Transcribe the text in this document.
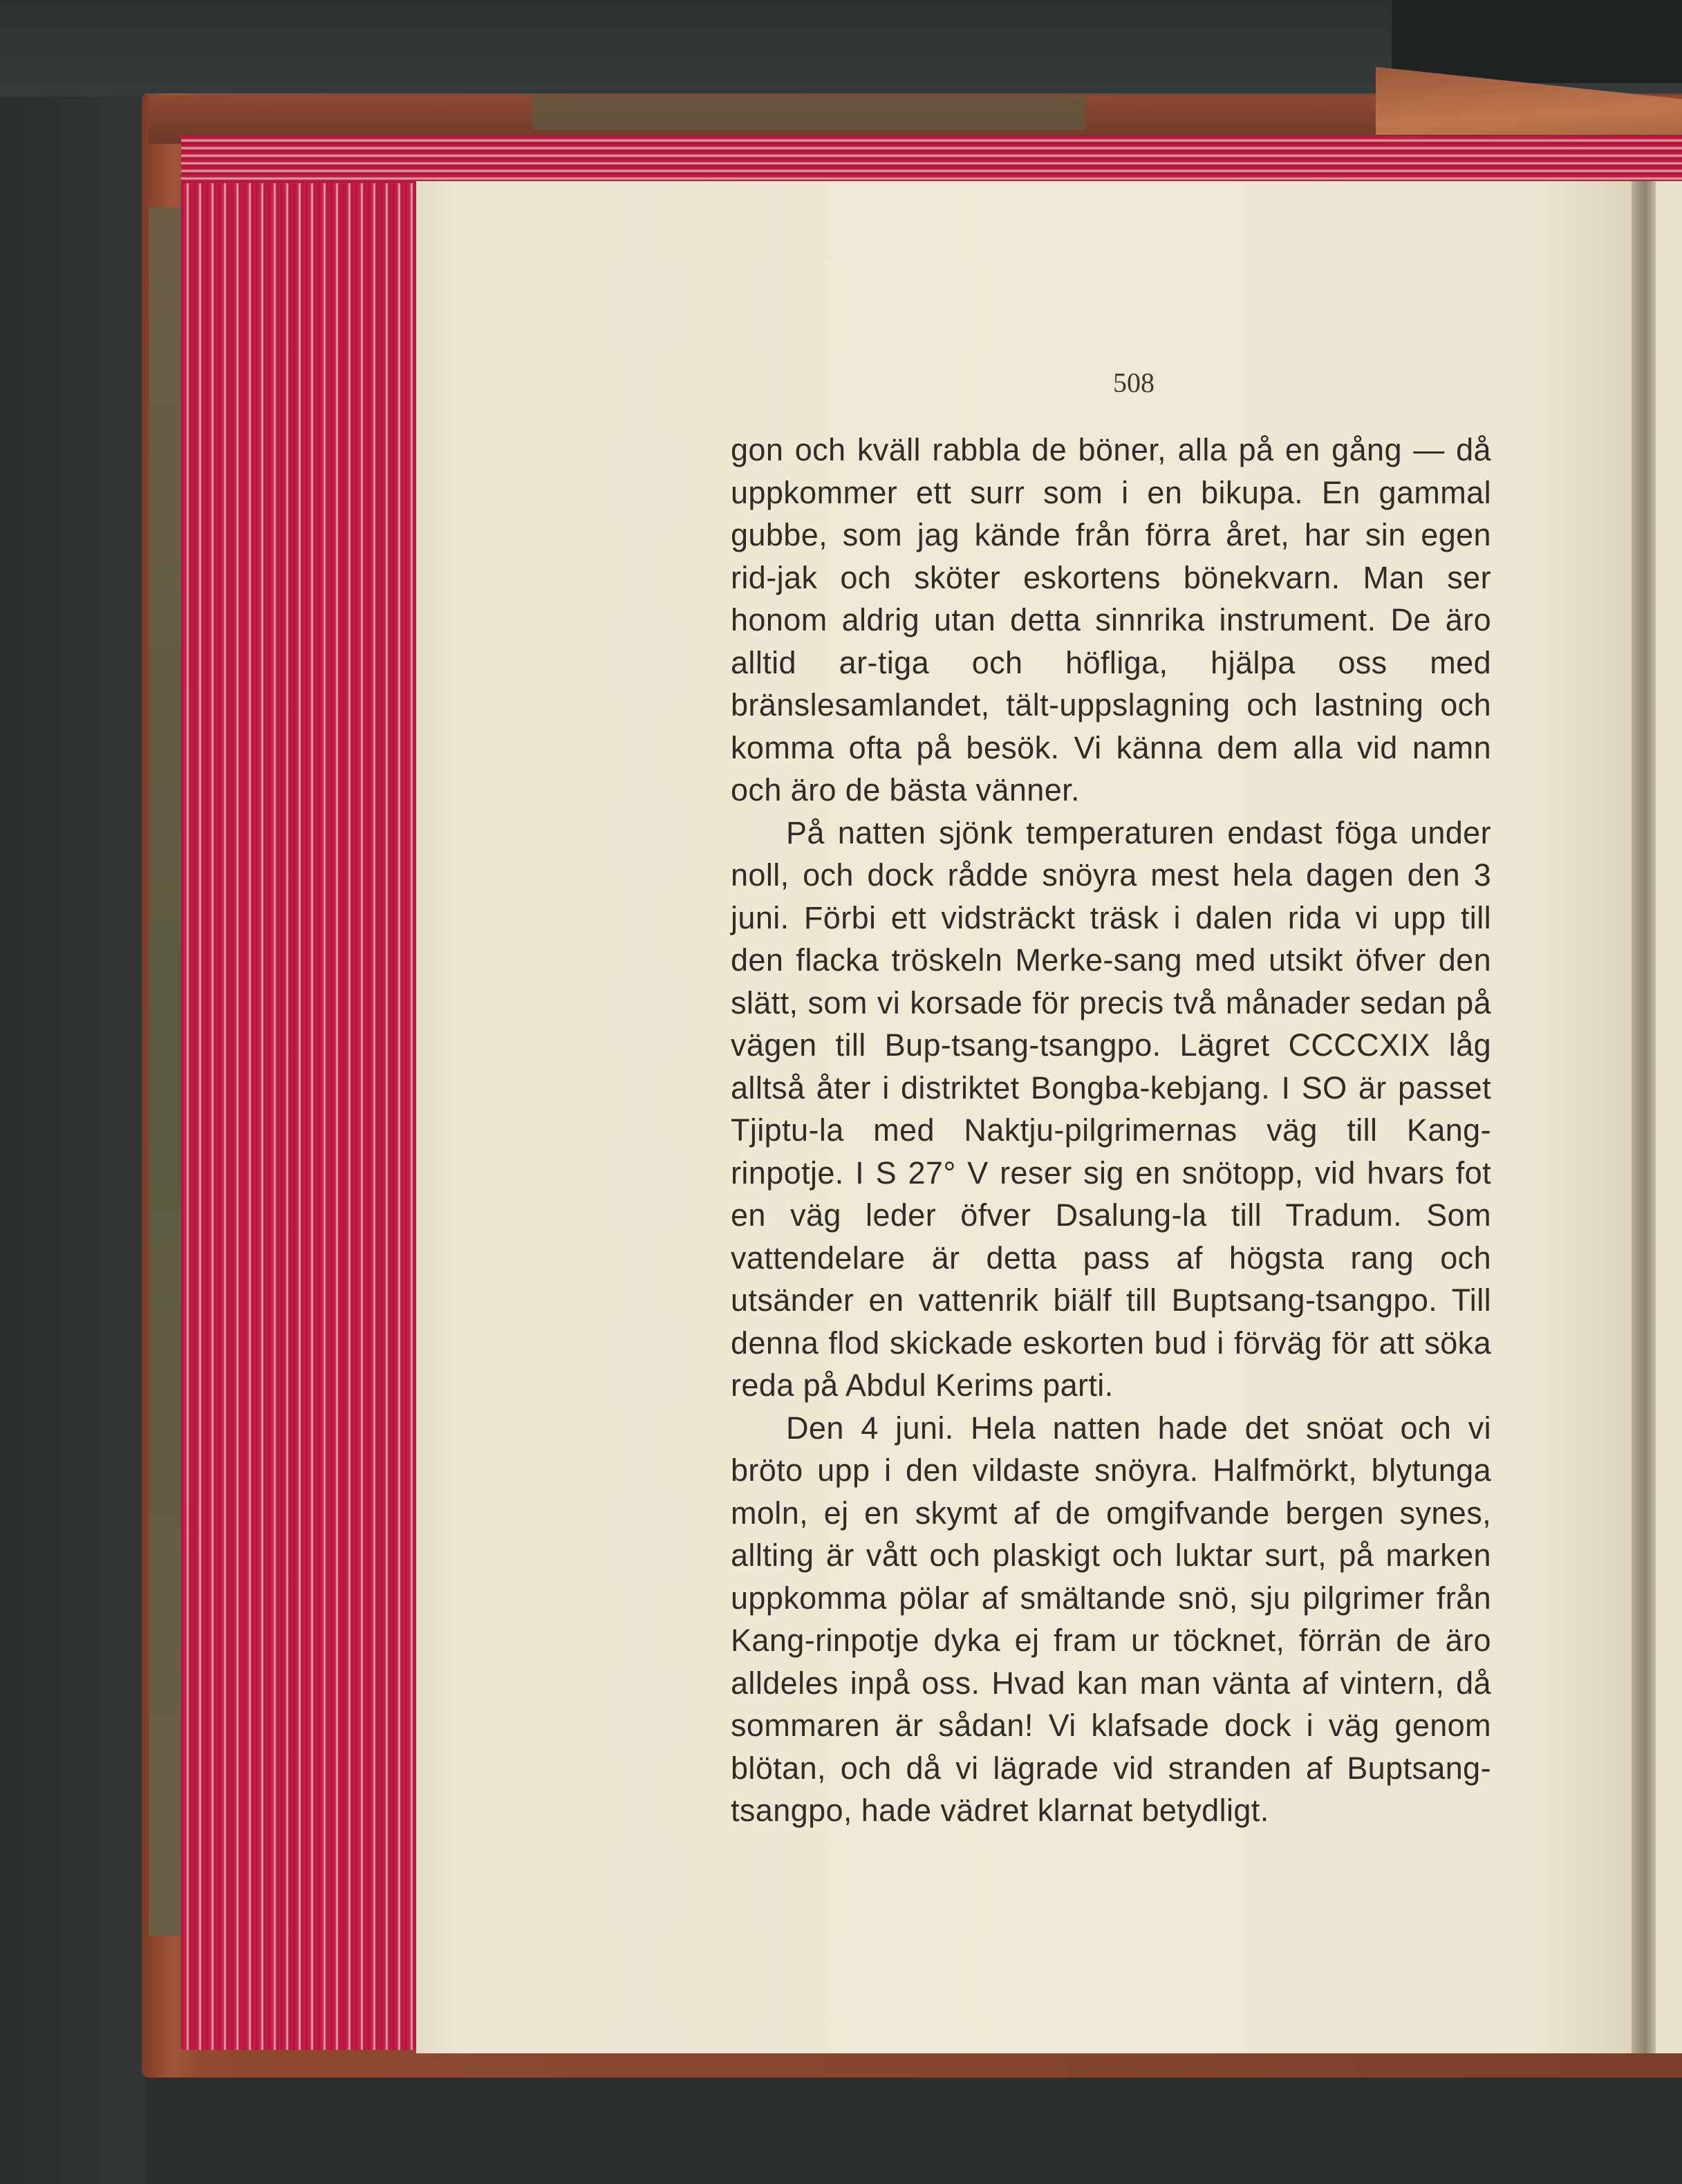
508

gon och kväll rabbla de böner, alla på en gång — då uppkommer ett surr som i en bikupa. En gammal gubbe, som jag kände från förra året, har sin egen rid-jak och sköter eskortens bönekvarn. Man ser honom aldrig utan detta sinnrika instrument. De äro alltid ar-tiga och höfliga, hjälpa oss med bränslesamlandet, tält-uppslagning och lastning och komma ofta på besök. Vi känna dem alla vid namn och äro de bästa vänner.

På natten sjönk temperaturen endast föga under noll, och dock rådde snöyra mest hela dagen den 3 juni. Förbi ett vidsträckt träsk i dalen rida vi upp till den flacka tröskeln Merke-sang med utsikt öfver den slätt, som vi korsade för precis två månader sedan på vägen till Bup-tsang-tsangpo. Lägret CCCCXIX låg alltså åter i distriktet Bongba-kebjang. I SO är passet Tjiptu-la med Naktju-pilgrimernas väg till Kang-rinpotje. I S 27° V reser sig en snötopp, vid hvars fot en väg leder öfver Dsalung-la till Tradum. Som vattendelare är detta pass af högsta rang och utsänder en vattenrik biälf till Buptsang-tsangpo. Till denna flod skickade eskorten bud i förväg för att söka reda på Abdul Kerims parti.

Den 4 juni. Hela natten hade det snöat och vi bröto upp i den vildaste snöyra. Halfmörkt, blytunga moln, ej en skymt af de omgifvande bergen synes, allting är vått och plaskigt och luktar surt, på marken uppkomma pölar af smältande snö, sju pilgrimer från Kang-rinpotje dyka ej fram ur töcknet, förrän de äro alldeles inpå oss. Hvad kan man vänta af vintern, då sommaren är sådan! Vi klafsade dock i väg genom blötan, och då vi lägrade vid stranden af Buptsang-tsangpo, hade vädret klarnat betydligt.
